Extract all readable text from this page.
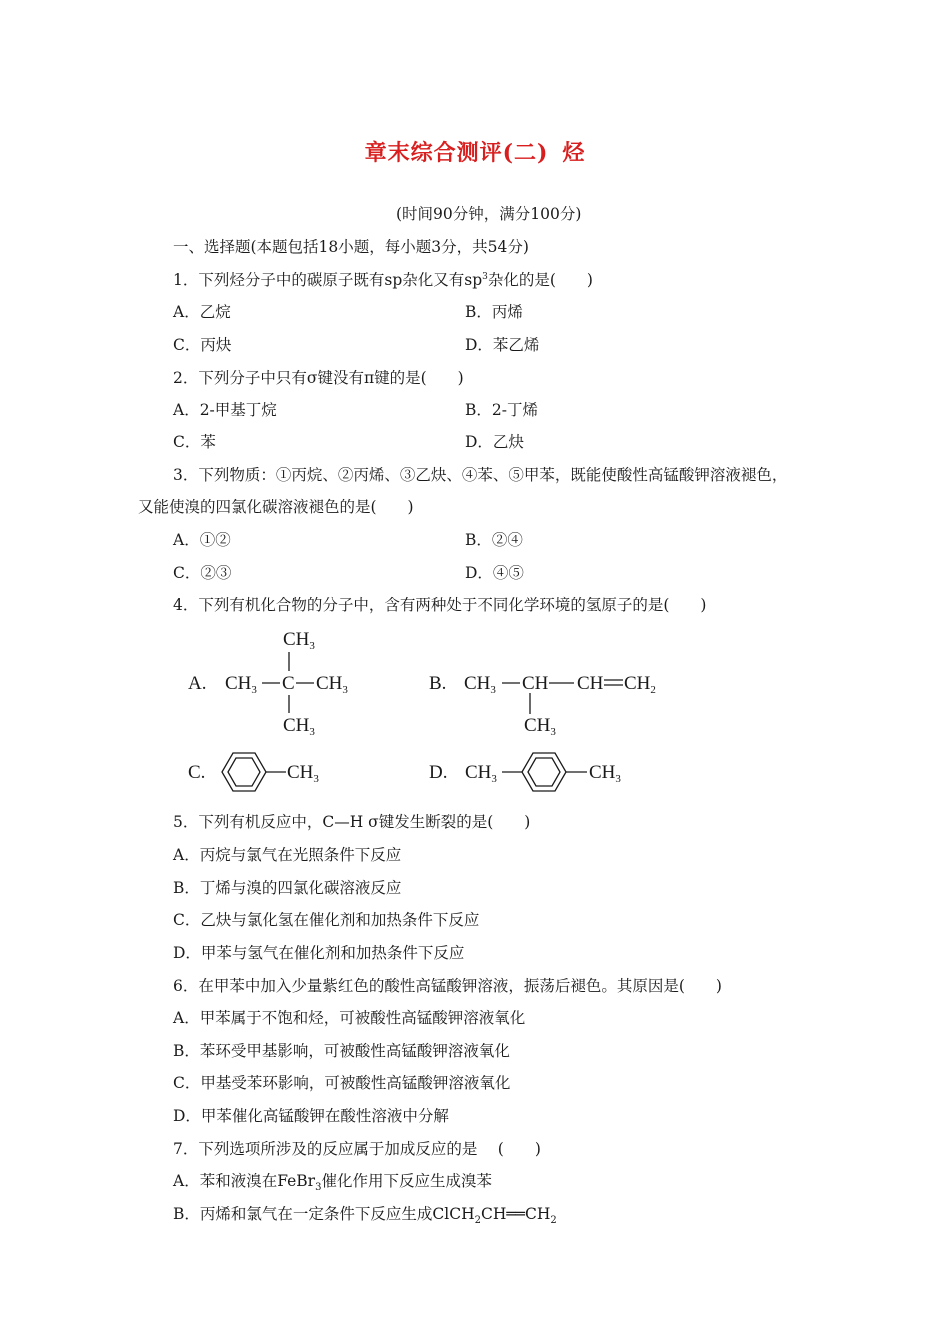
章末综合测评(二) 烃
(时间90分钟，满分100分)
一、选择题(本题包括18小题，每小题3分，共54分)
1．下列烃分子中的碳原子既有sp杂化又有$sp^3$杂化的是(　　)
A．乙烷	B．丙烯
C．丙炔	D．苯乙烯
2．下列分子中只有σ键没有π键的是(　　)
A．2-甲基丁烷	B．2-丁烯
C．苯	D．乙炔
3．下列物质：①丙烷、②丙烯、③乙炔、④苯、⑤甲苯，既能使酸性高锰酸钾溶液褪色，
又能使溴的四氯化碳溶液褪色的是(　　)
A．①②	B．②④
C．②③	D．④⑤
4．下列有机化合物的分子中，含有两种处于不同化学环境的氢原子的是(　　)
A.
$CH_3$
$CH_3$ C $CH_3$
$CH_3$
B. $CH_3$ CH CH $CH_2$
$CH_3$
C.	$CH_3$	D. $CH_3$	$CH_3$
5．下列有机反应中，C—H σ键发生断裂的是(　　)
A．丙烷与氯气在光照条件下反应
B．丁烯与溴的四氯化碳溶液反应
C．乙炔与氯化氢在催化剂和加热条件下反应
D．甲苯与氢气在催化剂和加热条件下反应
6．在甲苯中加入少量紫红色的酸性高锰酸钾溶液，振荡后褪色。其原因是(　　)
A．甲苯属于不饱和烃，可被酸性高锰酸钾溶液氧化
B．苯环受甲基影响，可被酸性高锰酸钾溶液氧化
C．甲基受苯环影响，可被酸性高锰酸钾溶液氧化
D．甲苯催化高锰酸钾在酸性溶液中分解
7．下列选项所涉及的反应属于加成反应的是　 (　　)
A．苯和液溴在FeBr$_3$催化作用下反应生成溴苯
B．丙烯和氯气在一定条件下反应生成$ClCH_2CH══CH_2$
